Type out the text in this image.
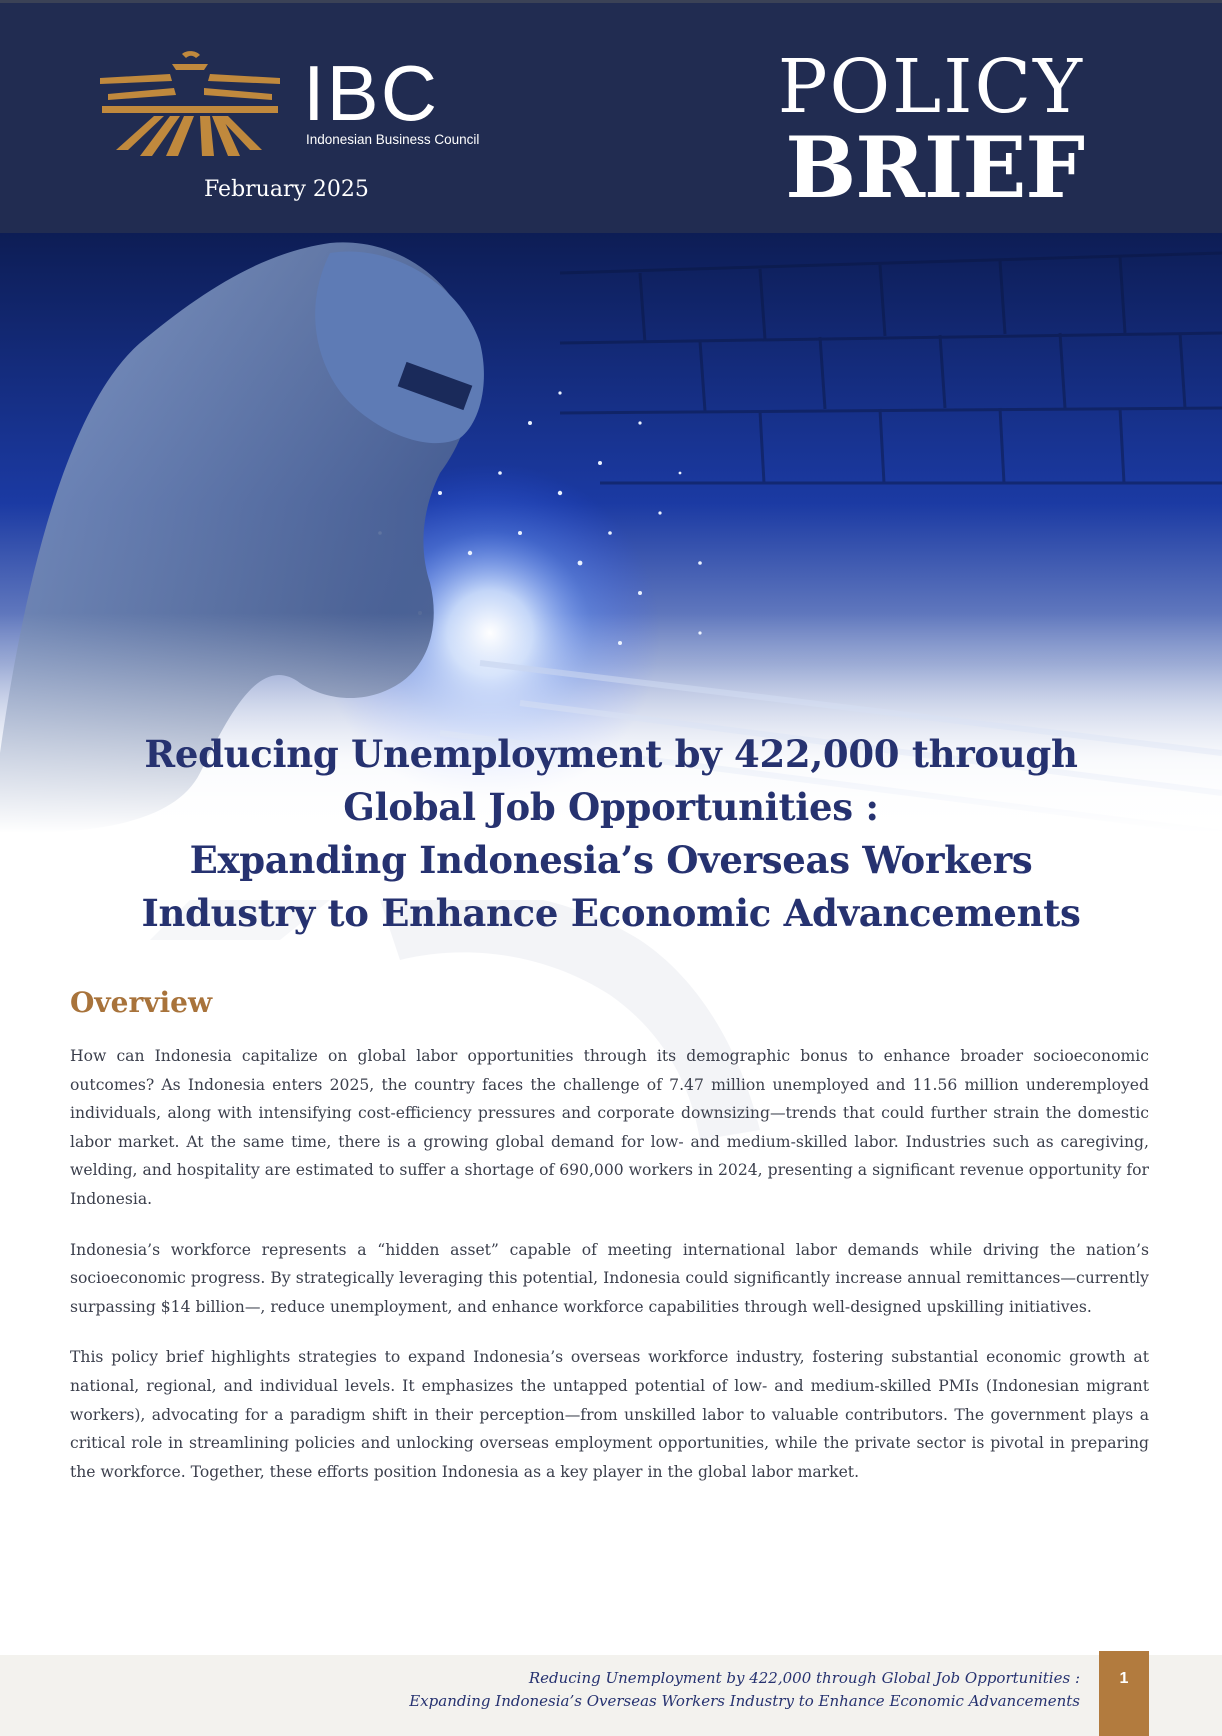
IBC
Indonesian Business Council
February 2025
POLICY
BRIEF
Reducing Unemployment by 422,000 through
Global Job Opportunities :
Expanding Indonesia’s Overseas Workers
Industry to Enhance Economic Advancements
Overview

How can Indonesia capitalize on global labor opportunities through its demographic bonus to enhance broader socioeconomic outcomes? As Indonesia enters 2025, the country faces the challenge of 7.47 million unemployed and 11.56 million underemployed individuals, along with intensifying cost-efficiency pressures and corporate downsizing—trends that could further strain the domestic labor market. At the same time, there is a growing global demand for low- and medium-skilled labor. Industries such as caregiving, welding, and hospitality are estimated to suffer a shortage of 690,000 workers in 2024, presenting a significant revenue opportunity for Indonesia.

Indonesia’s workforce represents a “hidden asset” capable of meeting international labor demands while driving the nation’s socioeconomic progress. By strategically leveraging this potential, Indonesia could significantly increase annual remittances—currently surpassing $14 billion—, reduce unemployment, and enhance workforce capabilities through well-designed upskilling initiatives.

This policy brief highlights strategies to expand Indonesia’s overseas workforce industry, fostering substantial economic growth at national, regional, and individual levels. It emphasizes the untapped potential of low- and medium-skilled PMIs (Indonesian migrant workers), advocating for a paradigm shift in their perception—from unskilled labor to valuable contributors. The government plays a critical role in streamlining policies and unlocking overseas employment opportunities, while the private sector is pivotal in preparing the workforce. Together, these efforts position Indonesia as a key player in the global labor market.

Reducing Unemployment by 422,000 through Global Job Opportunities :
Expanding Indonesia’s Overseas Workers Industry to Enhance Economic Advancements
1
